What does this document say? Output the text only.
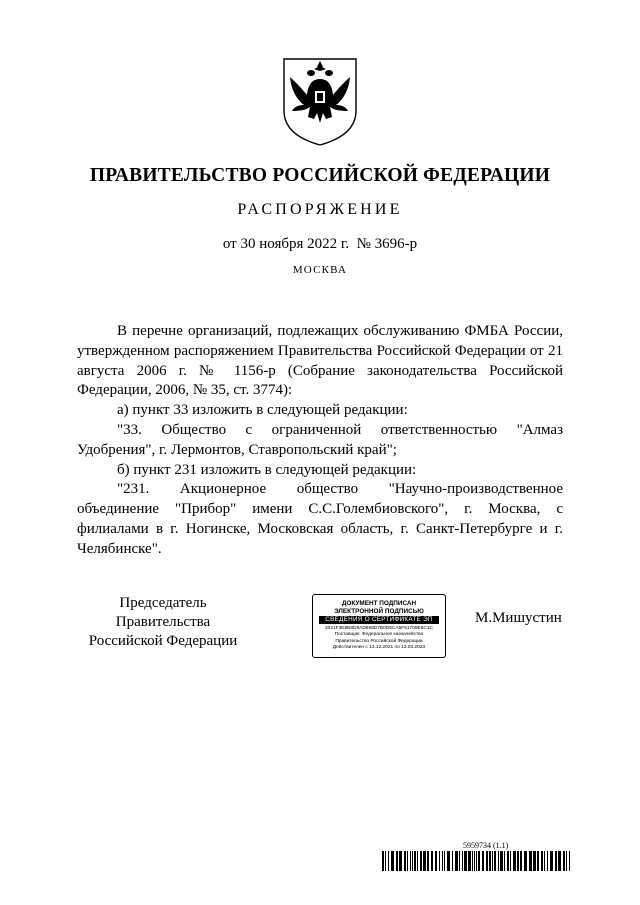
ПРАВИТЕЛЬСТВО РОССИЙСКОЙ ФЕДЕРАЦИИ
РАСПОРЯЖЕНИЕ
от 30 ноября 2022 г.  № 3696-р
МОСКВА

В перечне организаций, подлежащих обслуживанию ФМБА России, утвержденном распоряжением Правительства Российской Федерации от 21 августа 2006 г. № 1156-р (Собрание законодательства Российской Федерации, 2006, № 35, ст. 3774):

а) пункт 33 изложить в следующей редакции:

"33. Общество с ограниченной ответственностью "Алмаз Удобрения", г. Лермонтов, Ставропольский край";

б) пункт 231 изложить в следующей редакции:

"231. Акционерное общество "Научно-производственное объединение "Прибор" имени С.С.Голембиовского", г. Москва, с филиалами в г. Ногинске, Московская область, г. Санкт-Петербурге и г. Челябинске".

Председатель Правительства
Российской Федерации
ДОКУМЕНТ ПОДПИСАН
ЭЛЕКТРОННОЙ ПОДПИСЬЮ
СВЕДЕНИЯ О СЕРТИФИКАТЕ ЭП
2021F3E8B8D9AD668D7B0D6CA5F61709E5C1C
Поставщик: Федеральное казначейство
Правительство Российской Федерации
Действителен с 13.12.2021 по 13.03.2023
М.Мишустин
5959734 (1.1)
